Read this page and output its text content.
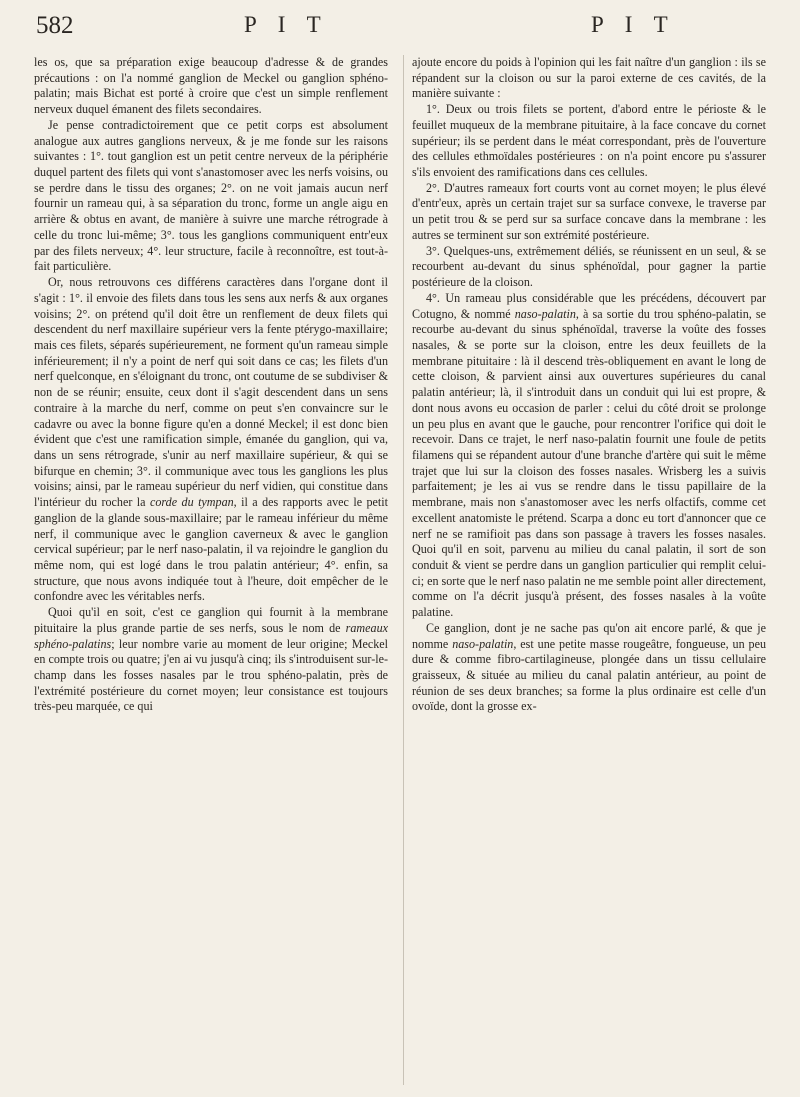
582	P I T	P I T

les os, que sa préparation exige beaucoup d'adresse & de grandes précautions : on l'a nommé ganglion de Meckel ou ganglion sphéno-palatin; mais Bichat est porté à croire que c'est un simple renflement nerveux duquel émanent des filets secondaires.

Je pense contradictoirement que ce petit corps est absolument analogue aux autres ganglions nerveux, & je me fonde sur les raisons suivantes : 1°. tout ganglion est un petit centre nerveux de la périphérie duquel partent des filets qui vont s'anastomoser avec les nerfs voisins, ou se perdre dans le tissu des organes; 2°. on ne voit jamais aucun nerf fournir un rameau qui, à sa séparation du tronc, forme un angle aigu en arrière & obtus en avant, de manière à suivre une marche rétrograde à celle du tronc lui-même; 3°. tous les ganglions communiquent entr'eux par des filets nerveux; 4°. leur structure, facile à reconnoître, est tout-à-fait particulière.

Or, nous retrouvons ces différens caractères dans l'organe dont il s'agit : 1°. il envoie des filets dans tous les sens aux nerfs & aux organes voisins; 2°. on prétend qu'il doit être un renflement de deux filets qui descendent du nerf maxillaire supérieur vers la fente ptérygo-maxillaire; mais ces filets, séparés supérieurement, ne forment qu'un rameau simple inférieurement; il n'y a point de nerf qui soit dans ce cas; les filets d'un nerf quelconque, en s'éloignant du tronc, ont coutume de se subdiviser & non de se réunir; ensuite, ceux dont il s'agit descendent dans un sens contraire à la marche du nerf, comme on peut s'en convaincre sur le cadavre ou avec la bonne figure qu'en a donné Meckel; il est donc bien évident que c'est une ramification simple, émanée du ganglion, qui va, dans un sens rétrograde, s'unir au nerf maxillaire supérieur, & qui se bifurque en chemin; 3°. il communique avec tous les ganglions les plus voisins; ainsi, par le rameau supérieur du nerf vidien, qui constitue dans l'intérieur du rocher la corde du tympan, il a des rapports avec le petit ganglion de la glande sous-maxillaire; par le rameau inférieur du même nerf, il communique avec le ganglion caverneux & avec le ganglion cervical supérieur; par le nerf naso-palatin, il va rejoindre le ganglion du même nom, qui est logé dans le trou palatin antérieur; 4°. enfin, sa structure, que nous avons indiquée tout à l'heure, doit empêcher de le confondre avec les véritables nerfs.

Quoi qu'il en soit, c'est ce ganglion qui fournit à la membrane pituitaire la plus grande partie de ses nerfs, sous le nom de rameaux sphéno-palatins; leur nombre varie au moment de leur origine; Meckel en compte trois ou quatre; j'en ai vu jusqu'à cinq; ils s'introduisent sur-le-champ dans les fosses nasales par le trou sphéno-palatin, près de l'extrémité postérieure du cornet moyen; leur consistance est toujours très-peu marquée, ce qui

ajoute encore du poids à l'opinion qui les fait naître d'un ganglion : ils se répandent sur la cloison ou sur la paroi externe de ces cavités, de la manière suivante :

1°. Deux ou trois filets se portent, d'abord entre le périoste & le feuillet muqueux de la membrane pituitaire, à la face concave du cornet supérieur; ils se perdent dans le méat correspondant, près de l'ouverture des cellules ethmoïdales postérieures : on n'a point encore pu s'assurer s'ils envoient des ramifications dans ces cellules.

2°. D'autres rameaux fort courts vont au cornet moyen; le plus élevé d'entr'eux, après un certain trajet sur sa surface convexe, le traverse par un petit trou & se perd sur sa surface concave dans la membrane : les autres se terminent sur son extrémité postérieure.

3°. Quelques-uns, extrêmement déliés, se réunissent en un seul, & se recourbent au-devant du sinus sphénoïdal, pour gagner la partie postérieure de la cloison.

4°. Un rameau plus considérable que les précédens, découvert par Cotugno, & nommé naso-palatin, à sa sortie du trou sphéno-palatin, se recourbe au-devant du sinus sphénoïdal, traverse la voûte des fosses nasales, & se porte sur la cloison, entre les deux feuillets de la membrane pituitaire : là il descend très-obliquement en avant le long de cette cloison, & parvient ainsi aux ouvertures supérieures du canal palatin antérieur; là, il s'introduit dans un conduit qui lui est propre, & dont nous avons eu occasion de parler : celui du côté droit se prolonge un peu plus en avant que le gauche, pour rencontrer l'orifice qui doit le recevoir. Dans ce trajet, le nerf naso-palatin fournit une foule de petits filamens qui se répandent autour d'une branche d'artère qui suit le même trajet que lui sur la cloison des fosses nasales. Wrisberg les a suivis parfaitement; je les ai vus se rendre dans le tissu papillaire de la membrane, mais non s'anastomoser avec les nerfs olfactifs, comme cet excellent anatomiste le prétend. Scarpa a donc eu tort d'annoncer que ce nerf ne se ramifioit pas dans son passage à travers les fosses nasales. Quoi qu'il en soit, parvenu au milieu du canal palatin, il sort de son conduit & vient se perdre dans un ganglion particulier qui remplit celui-ci; en sorte que le nerf naso palatin ne me semble point aller directement, comme on l'a décrit jusqu'à présent, des fosses nasales à la voûte palatine.

Ce ganglion, dont je ne sache pas qu'on ait encore parlé, & que je nomme naso-palatin, est une petite masse rougeâtre, fongueuse, un peu dure & comme fibro-cartilagineuse, plongée dans un tissu cellulaire graisseux, & située au milieu du canal palatin antérieur, au point de réunion de ses deux branches; sa forme la plus ordinaire est celle d'un ovoïde, dont la grosse ex-
